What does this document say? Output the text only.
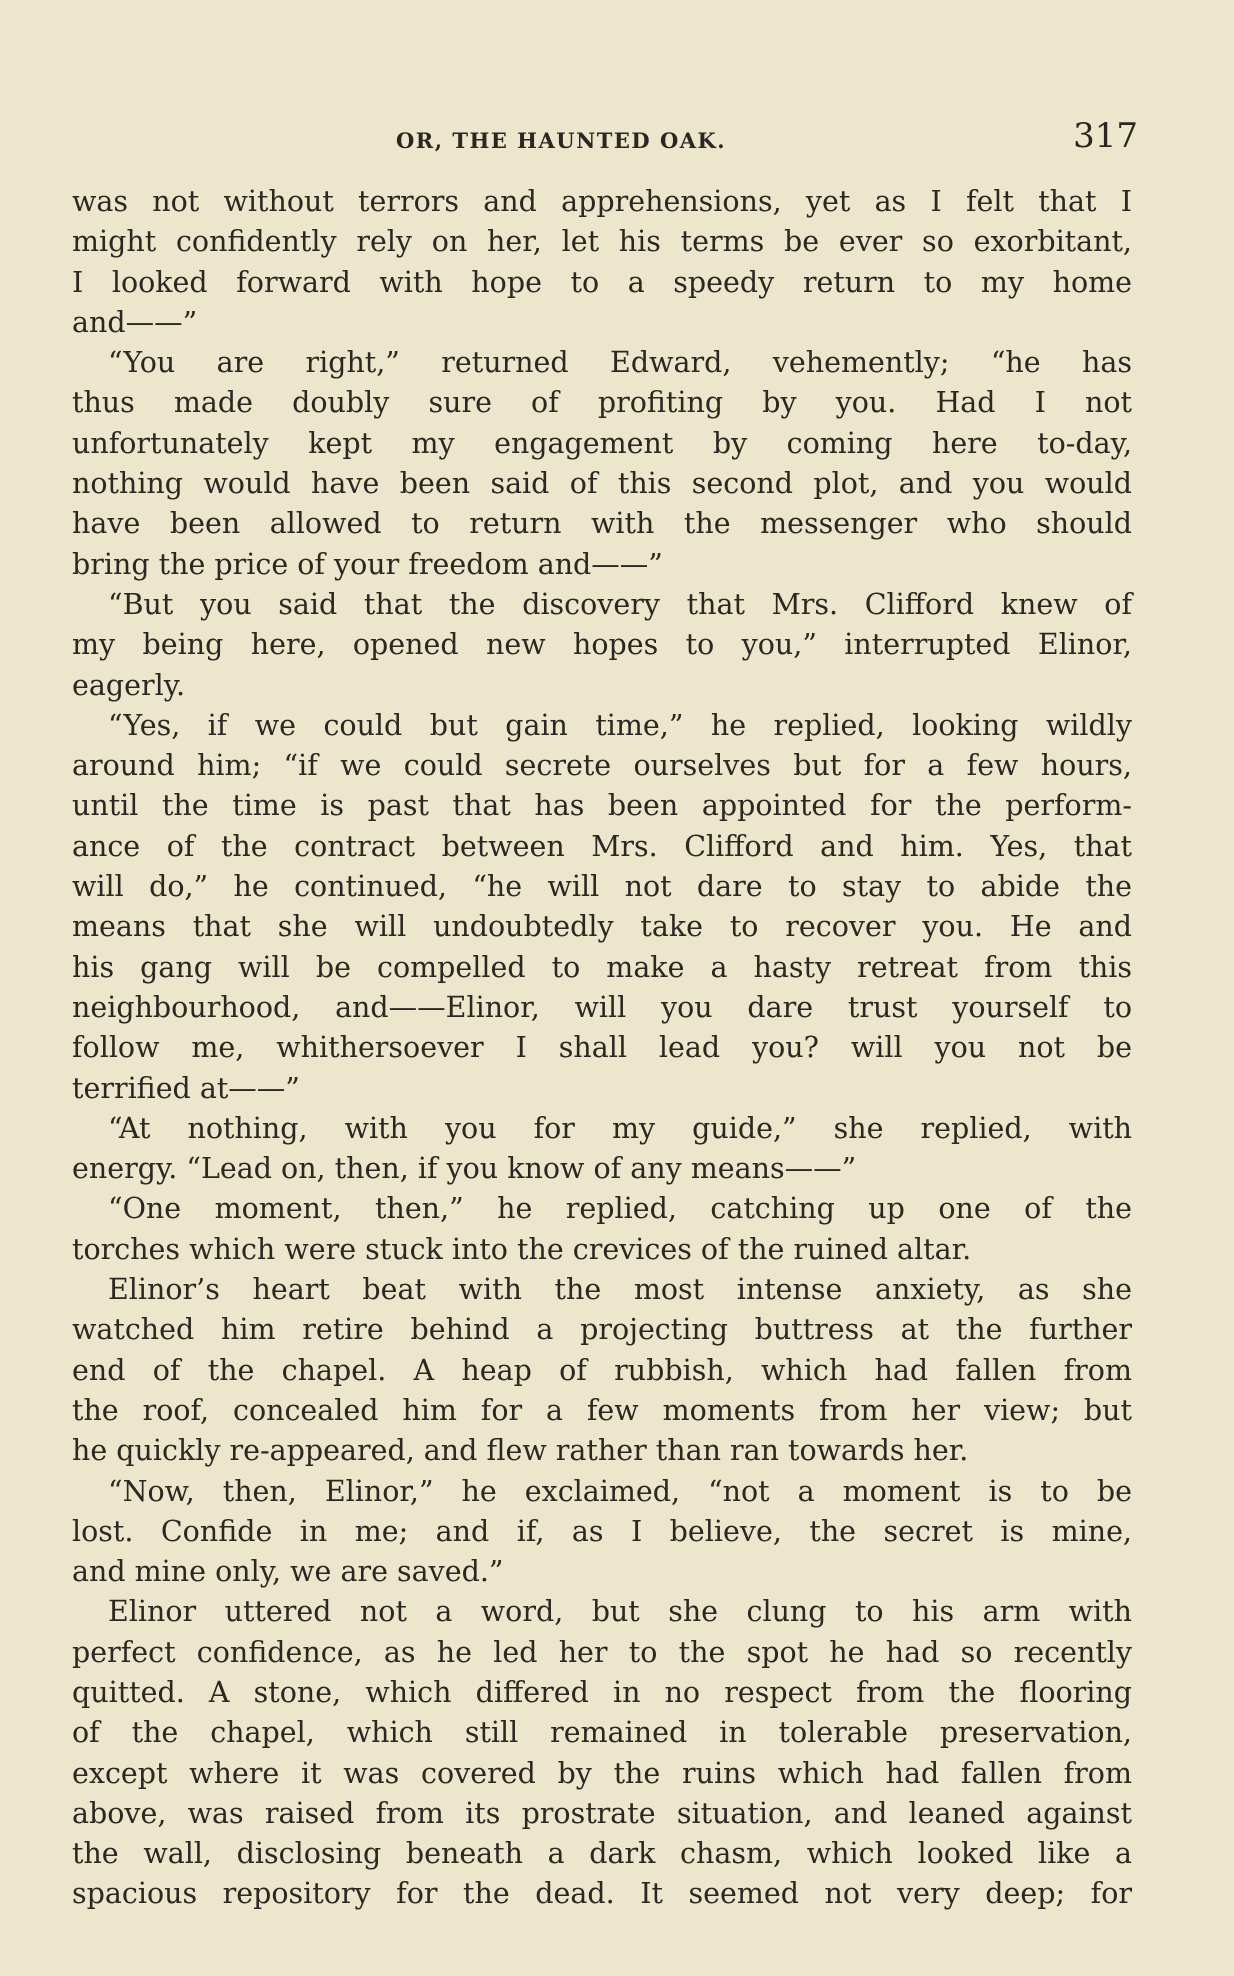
OR, THE HAUNTED OAK.	317
was not without terrors and apprehensions, yet as I felt that I
might confidently rely on her, let his terms be ever so exorbitant,
I looked forward with hope to a speedy return to my home
and——”
“You are right,” returned Edward, vehemently; “he has
thus made doubly sure of profiting by you. Had I not
unfortunately kept my engagement by coming here to-day,
nothing would have been said of this second plot, and you would
have been allowed to return with the messenger who should
bring the price of your freedom and——”
“But you said that the discovery that Mrs. Clifford knew of
my being here, opened new hopes to you,” interrupted Elinor,
eagerly.
“Yes, if we could but gain time,” he replied, looking wildly
around him; “if we could secrete ourselves but for a few hours,
until the time is past that has been appointed for the perform-
ance of the contract between Mrs. Clifford and him. Yes, that
will do,” he continued, “he will not dare to stay to abide the
means that she will undoubtedly take to recover you. He and
his gang will be compelled to make a hasty retreat from this
neighbourhood, and——Elinor, will you dare trust yourself to
follow me, whithersoever I shall lead you? will you not be
terrified at——”
“At nothing, with you for my guide,” she replied, with
energy. “Lead on, then, if you know of any means——”
“One moment, then,” he replied, catching up one of the
torches which were stuck into the crevices of the ruined altar.
Elinor’s heart beat with the most intense anxiety, as she
watched him retire behind a projecting buttress at the further
end of the chapel. A heap of rubbish, which had fallen from
the roof, concealed him for a few moments from her view; but
he quickly re-appeared, and flew rather than ran towards her.
“Now, then, Elinor,” he exclaimed, “not a moment is to be
lost. Confide in me; and if, as I believe, the secret is mine,
and mine only, we are saved.”
Elinor uttered not a word, but she clung to his arm with
perfect confidence, as he led her to the spot he had so recently
quitted. A stone, which differed in no respect from the flooring
of the chapel, which still remained in tolerable preservation,
except where it was covered by the ruins which had fallen from
above, was raised from its prostrate situation, and leaned against
the wall, disclosing beneath a dark chasm, which looked like a
spacious repository for the dead. It seemed not very deep; for
